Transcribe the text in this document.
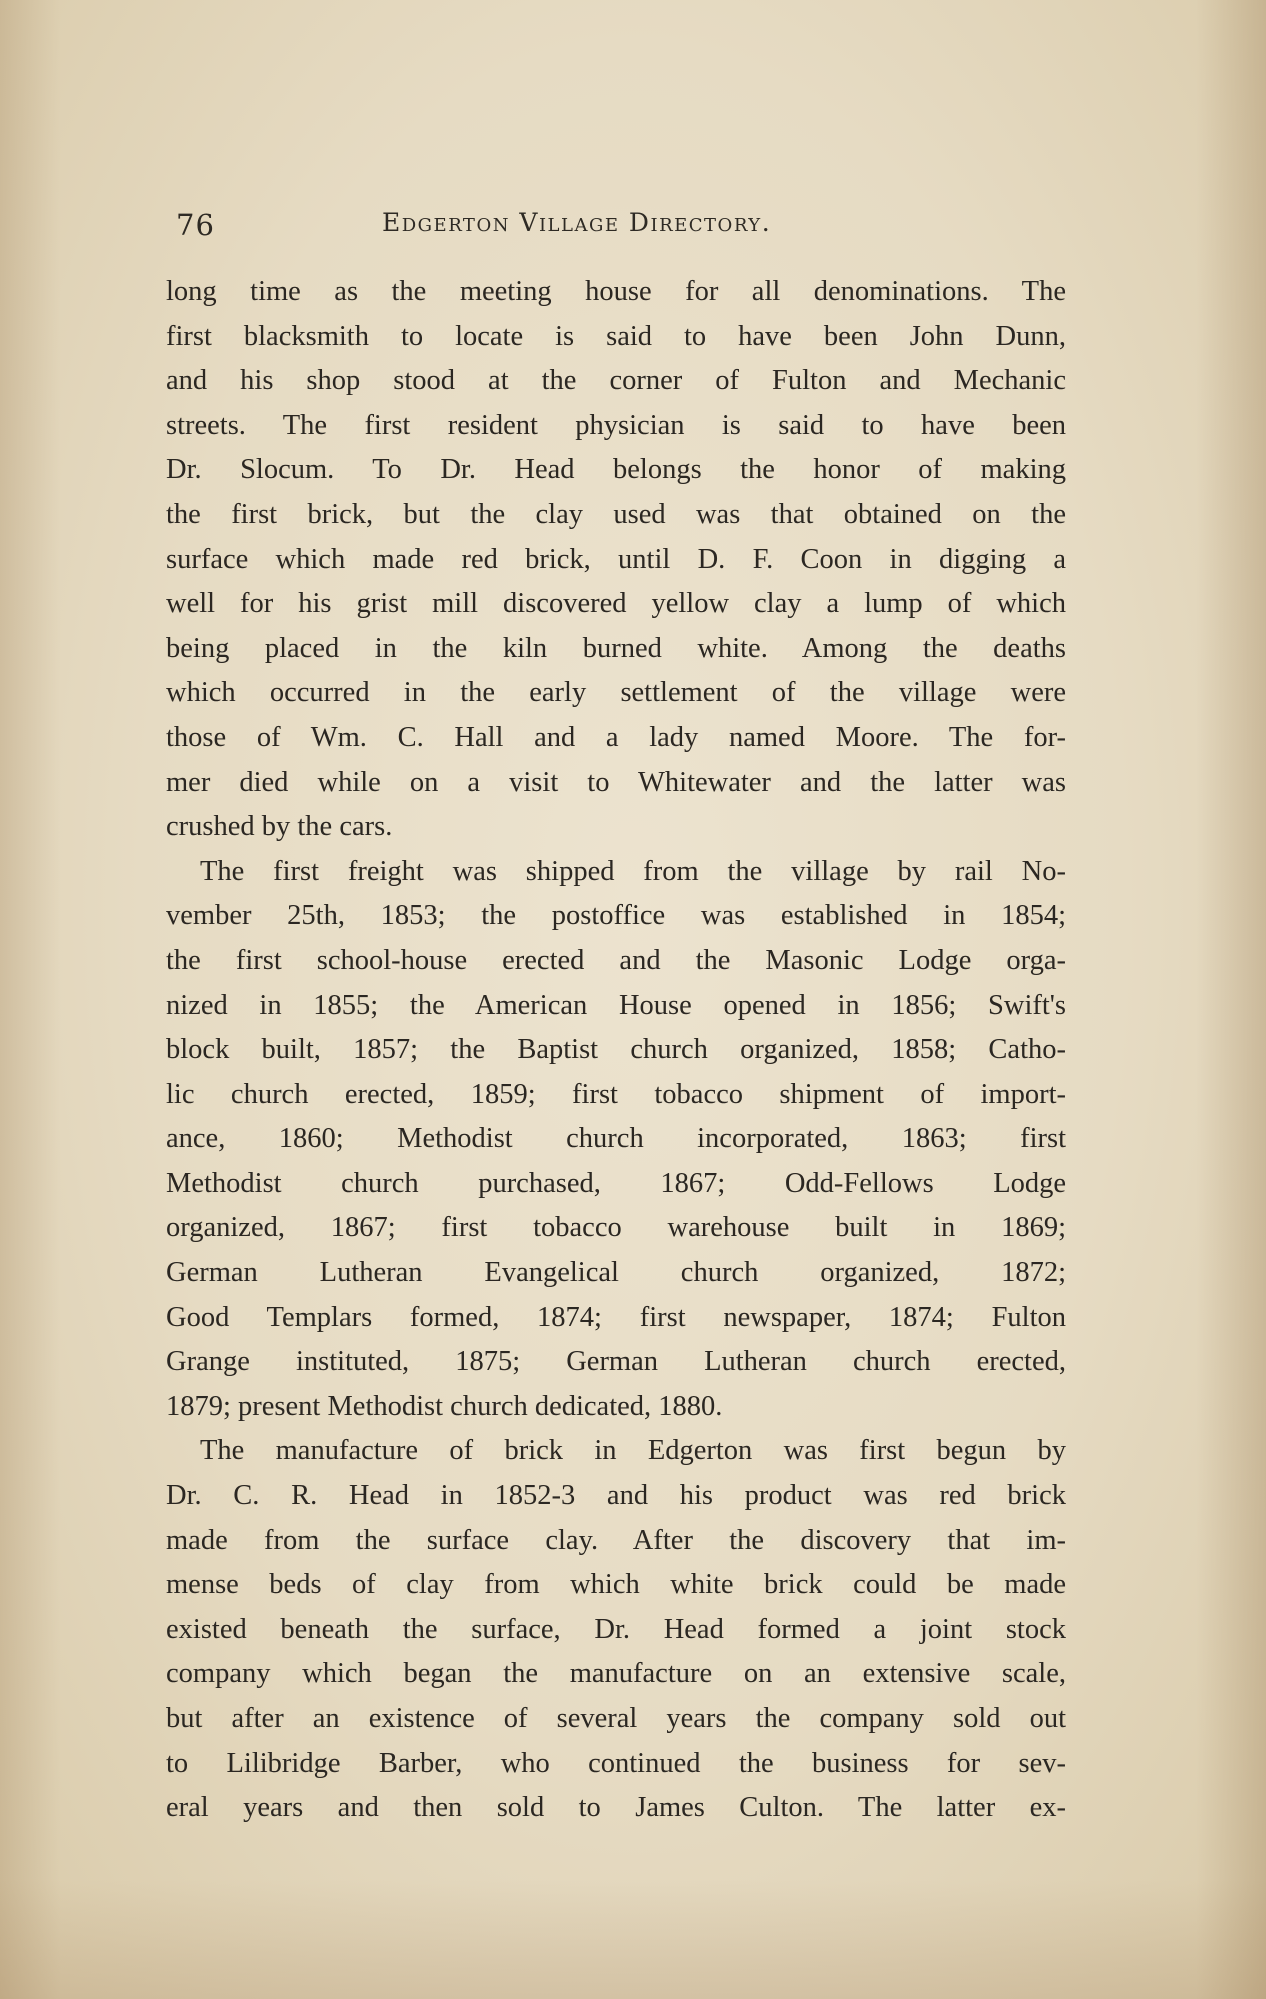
76	Edgerton Village Directory.
long time as the meeting house for all denominations. The
first blacksmith to locate is said to have been John Dunn,
and his shop stood at the corner of Fulton and Mechanic
streets. The first resident physician is said to have been
Dr. Slocum. To Dr. Head belongs the honor of making
the first brick, but the clay used was that obtained on the
surface which made red brick, until D. F. Coon in digging a
well for his grist mill discovered yellow clay a lump of which
being placed in the kiln burned white. Among the deaths
which occurred in the early settlement of the village were
those of Wm. C. Hall and a lady named Moore. The for-
mer died while on a visit to Whitewater and the latter was
crushed by the cars.
The first freight was shipped from the village by rail No-
vember 25th, 1853; the postoffice was established in 1854;
the first school-house erected and the Masonic Lodge orga-
nized in 1855; the American House opened in 1856; Swift's
block built, 1857; the Baptist church organized, 1858; Catho-
lic church erected, 1859; first tobacco shipment of import-
ance, 1860; Methodist church incorporated, 1863; first
Methodist church purchased, 1867; Odd-Fellows Lodge
organized, 1867; first tobacco warehouse built in 1869;
German Lutheran Evangelical church organized, 1872;
Good Templars formed, 1874; first newspaper, 1874; Fulton
Grange instituted, 1875; German Lutheran church erected,
1879; present Methodist church dedicated, 1880.
The manufacture of brick in Edgerton was first begun by
Dr. C. R. Head in 1852-3 and his product was red brick
made from the surface clay. After the discovery that im-
mense beds of clay from which white brick could be made
existed beneath the surface, Dr. Head formed a joint stock
company which began the manufacture on an extensive scale,
but after an existence of several years the company sold out
to Lilibridge Barber, who continued the business for sev-
eral years and then sold to James Culton. The latter ex-
